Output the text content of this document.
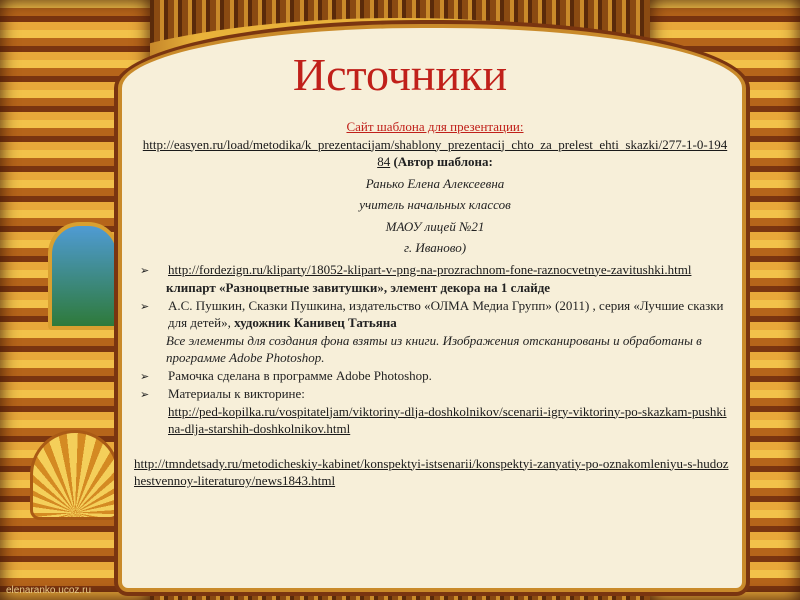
Источники
Сайт шаблона для презентации:
http://easyen.ru/load/metodika/k_prezentacijam/shablony_prezentacij_chto_za_prelest_ehti_skazki/277-1-0-19484 (Автор шаблона:
Ранько Елена Алексеевна
учитель начальных классов
МАОУ лицей №21
г. Иваново)
➢	http://fordezign.ru/kliparty/18052-klipart-v-png-na-prozrachnom-fone-raznocvetnye-zavitushki.html
клипарт «Разноцветные завитушки», элемент декора на 1 слайде
➢	А.С. Пушкин, Сказки Пушкина, издательство «ОЛМА Медиа Групп» (2011) , серия «Лучшие сказки для детей», художник Канивец Татьяна
Все элементы для создания фона взяты из книги. Изображения отсканированы и обработаны в программе Adobe Photoshop.
➢	Рамочка сделана в программе Adobe Photoshop.
➢	Материалы к викторине:
http://ped-kopilka.ru/vospitateljam/viktoriny-dlja-doshkolnikov/scenarii-igry-viktoriny-po-skazkam-pushkina-dlja-starshih-doshkolnikov.html
http://tmndetsady.ru/metodicheskiy-kabinet/konspektyi-istsenarii/konspektyi-zanyatiy-po-oznakomleniyu-s-hudozhestvennoy-literaturoy/news1843.html
elenaranko.ucoz.ru
